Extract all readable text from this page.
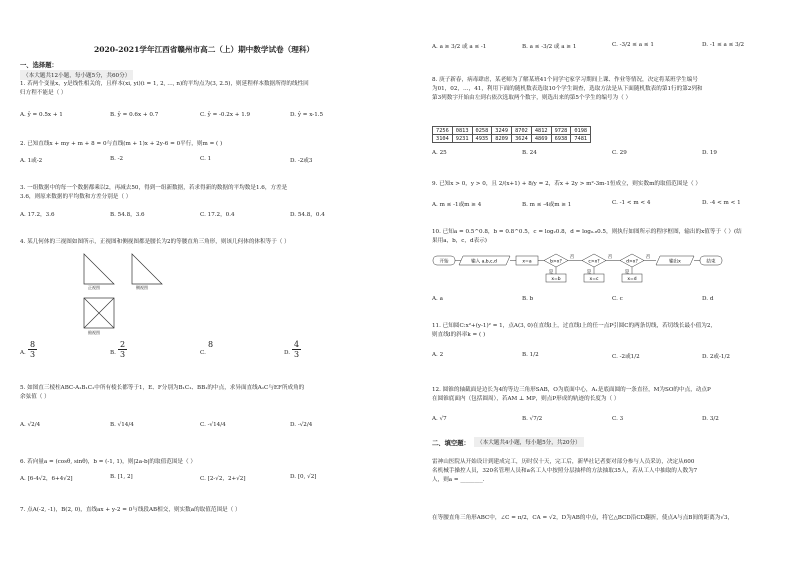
2020-2021学年江西省赣州市高二（上）期中数学试卷（理科）
一、选择题：
（本大题共12小题，每小题5分，共60分）
1. 若两个变量x，y是线性相关的，且样本(xi, yi)(i = 1, 2, …, n)的平均点为(3, 2.5)，则延程样本数据所得的线性回
归方程不能是（ ）
A. ŷ = 0.5x + 1	B. ŷ = 0.6x + 0.7	C. ŷ = -0.2x + 1.9	D. ŷ = x-1.5
2. 已知直线x + my + m + 8 = 0与直线(m + 1)x + 2y-6 = 0平行，则m = ( )
A. 1或-2	B. -2	C. 1	D. -2或3
3. 一组数据中的每一个数据都乘以2，再减去50，得到一组新数据，若求得新的数据的平均数是1.6，方差是
3.6，则原来数据的平均数和方差分别是（ ）
A. 17.2，3.6	B. 54.8，3.6	C. 17.2，0.4	D. 54.8，0.4
4. 某几何体的三视图如图所示，正视图和侧视图都是腰长为2的等腰直角三角形，则该几何体的体积等于（ ）
正视图	侧视图
俯视图
A.
8
3	B.
2
3	C.
8
D.
4
3
5. 如图直三棱柱ABC-A₁B₁C₁中所有棱长都等于1，E、F分别为B₁C₁、BB₁的中点，求异面直线A₁C与EF所成角的
余弦值（ ）
A. √2/4	B. √14/4	C. -√14/4	D. -√2/4
6. 若向量a = (cosθ, sinθ)，b = (-1, 1)，则|2a-b|的取值范围是（ ）
A. [6-4√2，6+4√2]	B. [1, 2]	C. [2-√2，2+√2]	D. [0, √2]
7. 点A(-2, -1)，B(2, 0)，直线ax + y-2 = 0与线段AB相交，则实数a的取值范围是（ ）
A. a ≥ 3/2 或 a ≤ -1	B. a ≤ -3/2 或 a ≥ 1	C. -3/2 ≤ a ≤ 1	D. -1 ≤ a ≤ 3/2
8. 庚子新春，病毒肆虐，某老师为了解某班41个同学宅家学习期间上课、作业等情况，决定将某班学生编号
为01，02，…，41，利用下面的随机数表选取10个学生调查，选取方法是从下面随机数表的第1行的第2列和
第3列数字开始由左到右依次选取两个数字，则选出来的第5个学生的编号为（ ）
7256	0813	0258	3249	8702	4812	9728	0198
3104	9231	4935	8209	3624	4869	6938	7481
A. 25	B. 24	C. 29	D. 19
9. 已知x > 0，y > 0，且 2/(x+1) + 8/y = 2，若x + 2y > m²-3m-1恒成立，则实数m的取值范围是（ ）
A. m ≤ -1或m ≥ 4	B. m ≤ -4或m ≥ 1	C. -1 < m < 4	D. -4 < m < 1
10. 已知a = 0.5^0.8，b = 0.8^0.5，c = log₂0.8，d = log₀.₈0.5，则执行如图所示的程序框图，输出的x值等于（ ）(结
果用a，b，c，d表示)
开始	输入 a,b,c,d	x=a	b>x?
否
是
x=b
c>x?
否
是
x=c
d>x?
否
是
x=d
输出x	结束
A. a	B. b	C. c	D. d
11. 已知圆C:x²+(y-1)² = 1，点A(3, 0)在直线l上，过直线l上的任一点P引圆C的两条切线，若切线长最小值为2，
则直线l的斜率k = ( )
A. 2	B. 1/2	C. -2或1/2	D. 2或-1/2
12. 圆锥的轴截面是边长为4的等边三角形SAB，O为底面中心，A₁是底面圆的一条直径，M为SO的中点，动点P
在圆锥底面内（包括圆周），若AM ⊥ MP，则点P形成的轨迹的长度为（ ）
A. √7	B. √7/2	C. 3	D. 3/2
二、填空题：	（本大题共4小题，每小题5分，共20分）
雷神山医院从开始设计到建成完工，历时仅十天，完工后，新华社记者要对部分参与人员采访，决定从600
名机械手操控人员，320名管理人员和a名工人中按照分层抽样的方法抽取35人，若从工人中抽取的人数为7
人，则a = ________.
在等腰直角三角形ABC中，∠C = π/2，CA = √2，D为AB的中点，将它△BCD沿CD翻折，使点A与点B间的距离为√3，
